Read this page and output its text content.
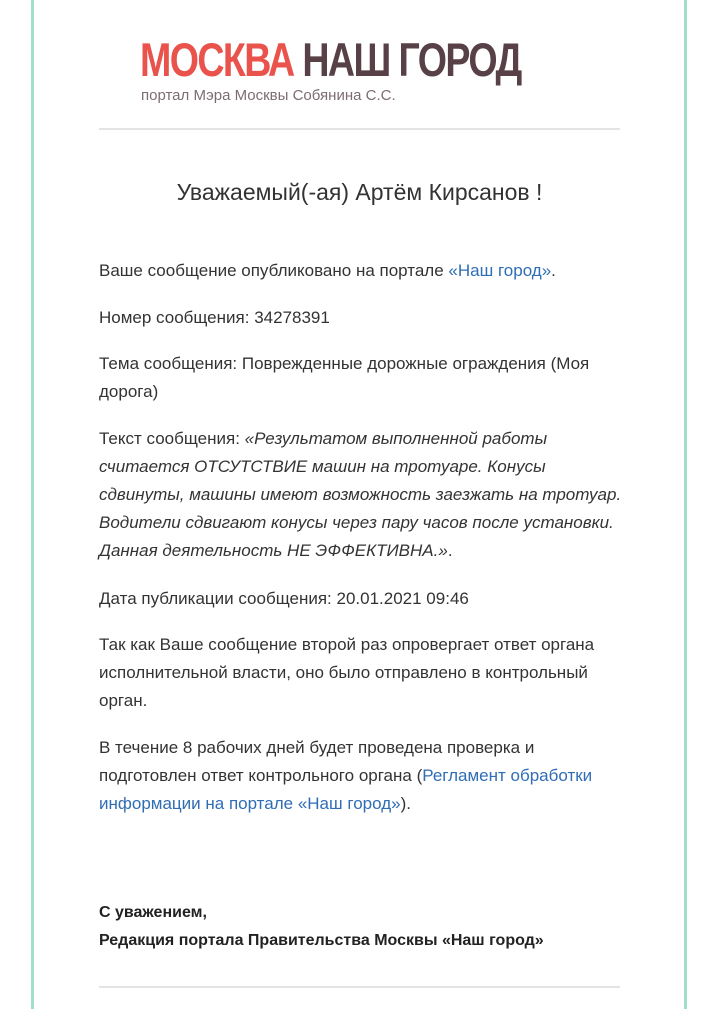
МОСКВА НАШ ГОРОД
портал Мэра Москвы Собянина С.С.
Уважаемый(-ая) Артём Кирсанов !
Ваше сообщение опубликовано на портале «Наш город».
Номер сообщения: 34278391
Тема сообщения: Поврежденные дорожные ограждения (Моя дорога)
Текст сообщения: «Результатом выполненной работы считается ОТСУТСТВИЕ машин на тротуаре. Конусы сдвинуты, машины имеют возможность заезжать на тротуар. Водители сдвигают конусы через пару часов после установки. Данная деятельность НЕ ЭФФЕКТИВНА.».
Дата публикации сообщения: 20.01.2021 09:46
Так как Ваше сообщение второй раз опровергает ответ органа исполнительной власти, оно было отправлено в контрольный орган.
В течение 8 рабочих дней будет проведена проверка и подготовлен ответ контрольного органа (Регламент обработки информации на портале «Наш город»).
С уважением,
Редакция портала Правительства Москвы «Наш город»
